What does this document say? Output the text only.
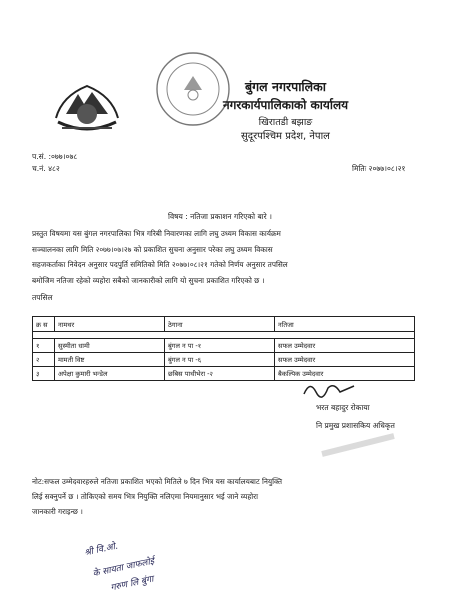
बुंगल नगरपालिका
नगरकार्यपालिकाको कार्यालय
खिरातडी बझाङ
सुदूरपश्चिम प्रदेश, नेपाल
प.सं. :०७७।०७८
च.नं. ४८२	मितिः २०७७।०८।२१
विषय : नतिजा प्रकाशन गरिएको बारे ।
प्रस्तुत विषयमा यस बुंगल नगरपालिका भित्र गरिबी निवारणका लागि लघु उध्यम विकास कार्यक्रम
सञ्चालनका लागि मिति २०७७।०७।२७ को प्रकाशित सुचना अनुसार परेका लघु उध्यम विकास
सहजकर्ताका निवेदन अनुसार पदपुर्ति समितिको मिति २०७७।०८।२१ गतेको निर्णय अनुसार तपसिल
बमोजिम नतिजा रहेको व्यहोरा सबैको जानकारीको लागि यो सुचना प्रकाशित गरिएको छ ।
तपसिल
क्र स	नामथर	ठेगाना	नतिजा

१	सुस्मीता धामी	बुंगल न पा -१	सफल उम्मेदवार
२	मामती विष्ट	बुंगल न पा -६	सफल उम्मेदवार
३	अपेक्षा कुमारी भन्डेल	छबिस पाथीभेरा -२	बैकल्पिक उम्मेदवार
भरत बहादुर रोकाया
नि प्रमुख प्रशासकिय अधिकृत
नोट:सफल उम्मेदवारहरुले नतिजा प्रकाशित भएको मितिले ७ दिन भित्र यस कार्यालयबाट नियुक्ति
लिई सक्नुपर्ने छ । तोकिएको समय भित्र नियुक्ति नलिएमा नियमानुसार भई जाने व्यहोरा
जानकारी गराइन्छ ।
श्री वि.ओ.
के सायता जाफलोई
गरुण लि बुंगा
